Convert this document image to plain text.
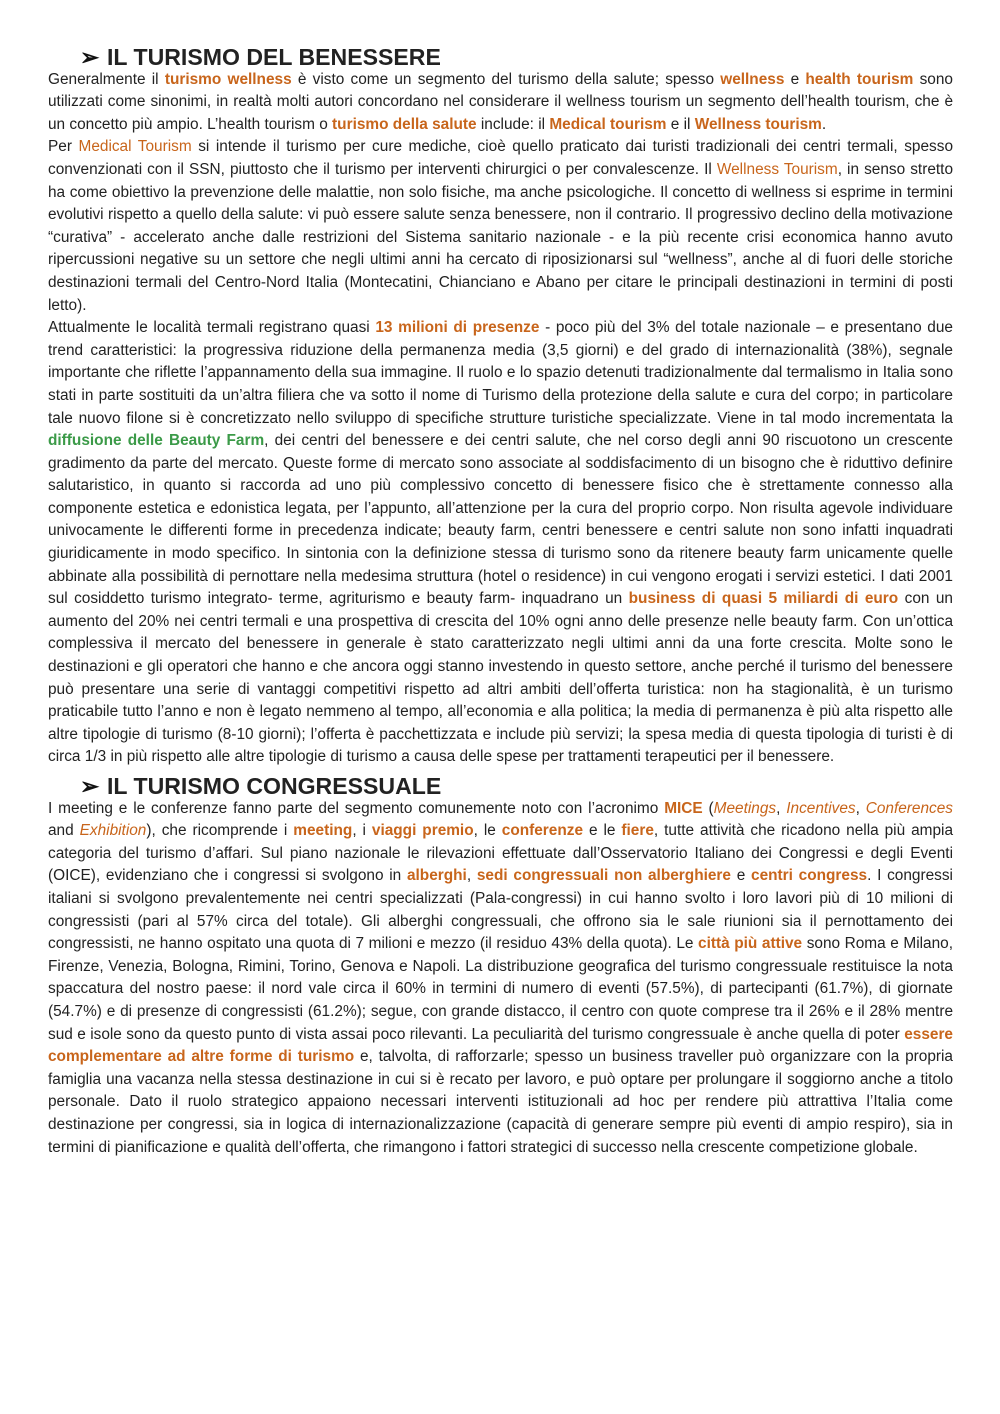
➢ IL TURISMO DEL BENESSERE

Generalmente il turismo wellness è visto come un segmento del turismo della salute; spesso wellness e health tourism sono utilizzati come sinonimi, in realtà molti autori concordano nel considerare il wellness tourism un segmento dell’health tourism, che è un concetto più ampio. L’health tourism o turismo della salute include: il Medical tourism e il Wellness tourism.

Per Medical Tourism si intende il turismo per cure mediche, cioè quello praticato dai turisti tradizionali dei centri termali, spesso convenzionati con il SSN, piuttosto che il turismo per interventi chirurgici o per convalescenze. Il Wellness Tourism, in senso stretto ha come obiettivo la prevenzione delle malattie, non solo fisiche, ma anche psicologiche. Il concetto di wellness si esprime in termini evolutivi rispetto a quello della salute: vi può essere salute senza benessere, non il contrario. Il progressivo declino della motivazione “curativa” - accelerato anche dalle restrizioni del Sistema sanitario nazionale - e la più recente crisi economica hanno avuto ripercussioni negative su un settore che negli ultimi anni ha cercato di riposizionarsi sul “wellness”, anche al di fuori delle storiche destinazioni termali del Centro-Nord Italia (Montecatini, Chianciano e Abano per citare le principali destinazioni in termini di posti letto).

Attualmente le località termali registrano quasi 13 milioni di presenze - poco più del 3% del totale nazionale – e presentano due trend caratteristici: la progressiva riduzione della permanenza media (3,5 giorni) e del grado di internazionalità (38%), segnale importante che riflette l’appannamento della sua immagine. Il ruolo e lo spazio detenuti tradizionalmente dal termalismo in Italia sono stati in parte sostituiti da un’altra filiera che va sotto il nome di Turismo della protezione della salute e cura del corpo; in particolare tale nuovo filone si è concretizzato nello sviluppo di specifiche strutture turistiche specializzate. Viene in tal modo incrementata la diffusione delle Beauty Farm, dei centri del benessere e dei centri salute, che nel corso degli anni 90 riscuotono un crescente gradimento da parte del mercato. Queste forme di mercato sono associate al soddisfacimento di un bisogno che è riduttivo definire salutaristico, in quanto si raccorda ad uno più complessivo concetto di benessere fisico che è strettamente connesso alla componente estetica e edonistica legata, per l’appunto, all’attenzione per la cura del proprio corpo. Non risulta agevole individuare univocamente le differenti forme in precedenza indicate; beauty farm, centri benessere e centri salute non sono infatti inquadrati giuridicamente in modo specifico. In sintonia con la definizione stessa di turismo sono da ritenere beauty farm unicamente quelle abbinate alla possibilità di pernottare nella medesima struttura (hotel o residence) in cui vengono erogati i servizi estetici. I dati 2001 sul cosiddetto turismo integrato- terme, agriturismo e beauty farm- inquadrano un business di quasi 5 miliardi di euro con un aumento del 20% nei centri termali e una prospettiva di crescita del 10% ogni anno delle presenze nelle beauty farm. Con un’ottica complessiva il mercato del benessere in generale è stato caratterizzato negli ultimi anni da una forte crescita. Molte sono le destinazioni e gli operatori che hanno e che ancora oggi stanno investendo in questo settore, anche perché il turismo del benessere può presentare una serie di vantaggi competitivi rispetto ad altri ambiti dell’offerta turistica: non ha stagionalità, è un turismo praticabile tutto l’anno e non è legato nemmeno al tempo, all’economia e alla politica; la media di permanenza è più alta rispetto alle altre tipologie di turismo (8-10 giorni); l’offerta è pacchettizzata e include più servizi; la spesa media di questa tipologia di turisti è di circa 1/3 in più rispetto alle altre tipologie di turismo a causa delle spese per trattamenti terapeutici per il benessere.

➢ IL TURISMO CONGRESSUALE

I meeting e le conferenze fanno parte del segmento comunemente noto con l’acronimo MICE (Meetings, Incentives, Conferences and Exhibition), che ricomprende i meeting, i viaggi premio, le conferenze e le fiere, tutte attività che ricadono nella più ampia categoria del turismo d’affari. Sul piano nazionale le rilevazioni effettuate dall’Osservatorio Italiano dei Congressi e degli Eventi (OICE), evidenziano che i congressi si svolgono in alberghi, sedi congressuali non alberghiere e centri congress. I congressi italiani si svolgono prevalentemente nei centri specializzati (Pala-congressi) in cui hanno svolto i loro lavori più di 10 milioni di congressisti (pari al 57% circa del totale). Gli alberghi congressuali, che offrono sia le sale riunioni sia il pernottamento dei congressisti, ne hanno ospitato una quota di 7 milioni e mezzo (il residuo 43% della quota). Le città più attive sono Roma e Milano, Firenze, Venezia, Bologna, Rimini, Torino, Genova e Napoli. La distribuzione geografica del turismo congressuale restituisce la nota spaccatura del nostro paese: il nord vale circa il 60% in termini di numero di eventi (57.5%), di partecipanti (61.7%), di giornate (54.7%) e di presenze di congressisti (61.2%); segue, con grande distacco, il centro con quote comprese tra il 26% e il 28% mentre sud e isole sono da questo punto di vista assai poco rilevanti. La peculiarità del turismo congressuale è anche quella di poter essere complementare ad altre forme di turismo e, talvolta, di rafforzarle; spesso un business traveller può organizzare con la propria famiglia una vacanza nella stessa destinazione in cui si è recato per lavoro, e può optare per prolungare il soggiorno anche a titolo personale. Dato il ruolo strategico appaiono necessari interventi istituzionali ad hoc per rendere più attrattiva l’Italia come destinazione per congressi, sia in logica di internazionalizzazione (capacità di generare sempre più eventi di ampio respiro), sia in termini di pianificazione e qualità dell’offerta, che rimangono i fattori strategici di successo nella crescente competizione globale.
